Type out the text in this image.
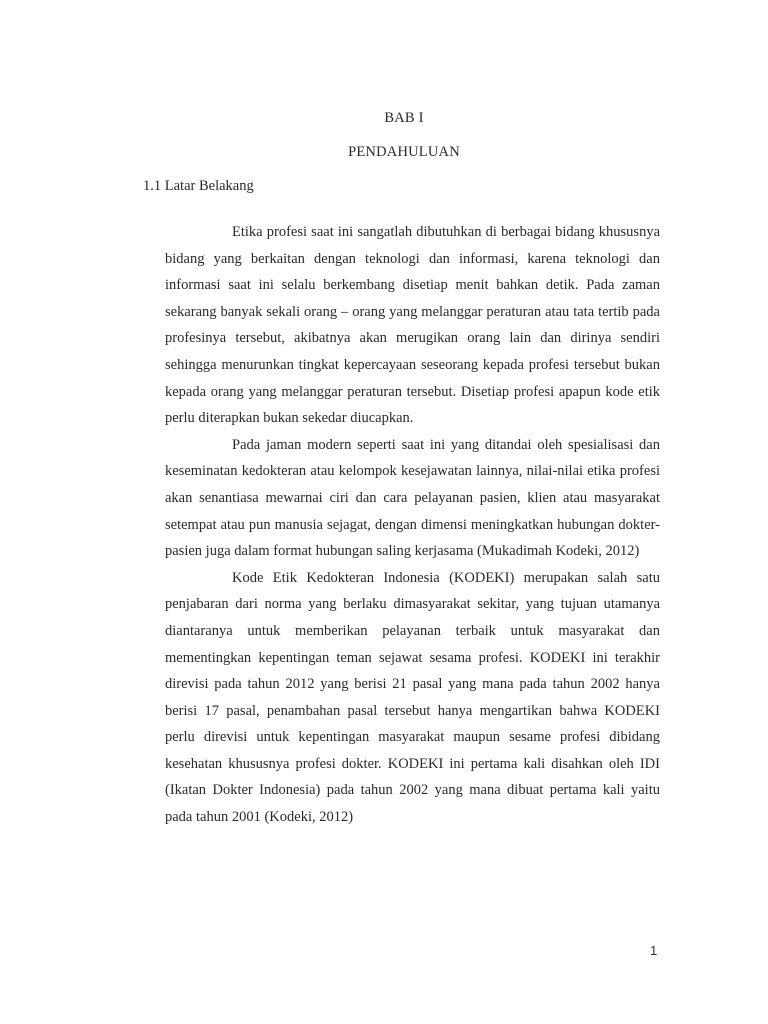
BAB I
PENDAHULUAN
1.1 Latar Belakang

Etika profesi saat ini sangatlah dibutuhkan di berbagai bidang khususnya bidang yang berkaitan dengan teknologi dan informasi, karena teknologi dan informasi saat ini selalu berkembang disetiap menit bahkan detik. Pada zaman sekarang banyak sekali orang – orang yang melanggar peraturan atau tata tertib pada profesinya tersebut, akibatnya akan merugikan orang lain dan dirinya sendiri sehingga menurunkan tingkat kepercayaan seseorang kepada profesi tersebut bukan kepada orang yang melanggar peraturan tersebut. Disetiap profesi apapun kode etik perlu diterapkan bukan sekedar diucapkan.

Pada jaman modern seperti saat ini yang ditandai oleh spesialisasi dan keseminatan kedokteran atau kelompok kesejawatan lainnya, nilai-nilai etika profesi akan senantiasa mewarnai ciri dan cara pelayanan pasien, klien atau masyarakat setempat atau pun manusia sejagat, dengan dimensi meningkatkan hubungan dokter-pasien juga dalam format hubungan saling kerjasama (Mukadimah Kodeki, 2012)

Kode Etik Kedokteran Indonesia (KODEKI) merupakan salah satu penjabaran dari norma yang berlaku dimasyarakat sekitar, yang tujuan utamanya diantaranya untuk memberikan pelayanan terbaik untuk masyarakat dan mementingkan kepentingan teman sejawat sesama profesi. KODEKI ini terakhir direvisi pada tahun 2012 yang berisi 21 pasal yang mana pada tahun 2002 hanya berisi 17 pasal, penambahan pasal tersebut hanya mengartikan bahwa KODEKI perlu direvisi untuk kepentingan masyarakat maupun sesame profesi dibidang kesehatan khususnya profesi dokter. KODEKI ini pertama kali disahkan oleh IDI (Ikatan Dokter Indonesia) pada tahun 2002 yang mana dibuat pertama kali yaitu pada tahun 2001 (Kodeki, 2012)

1
